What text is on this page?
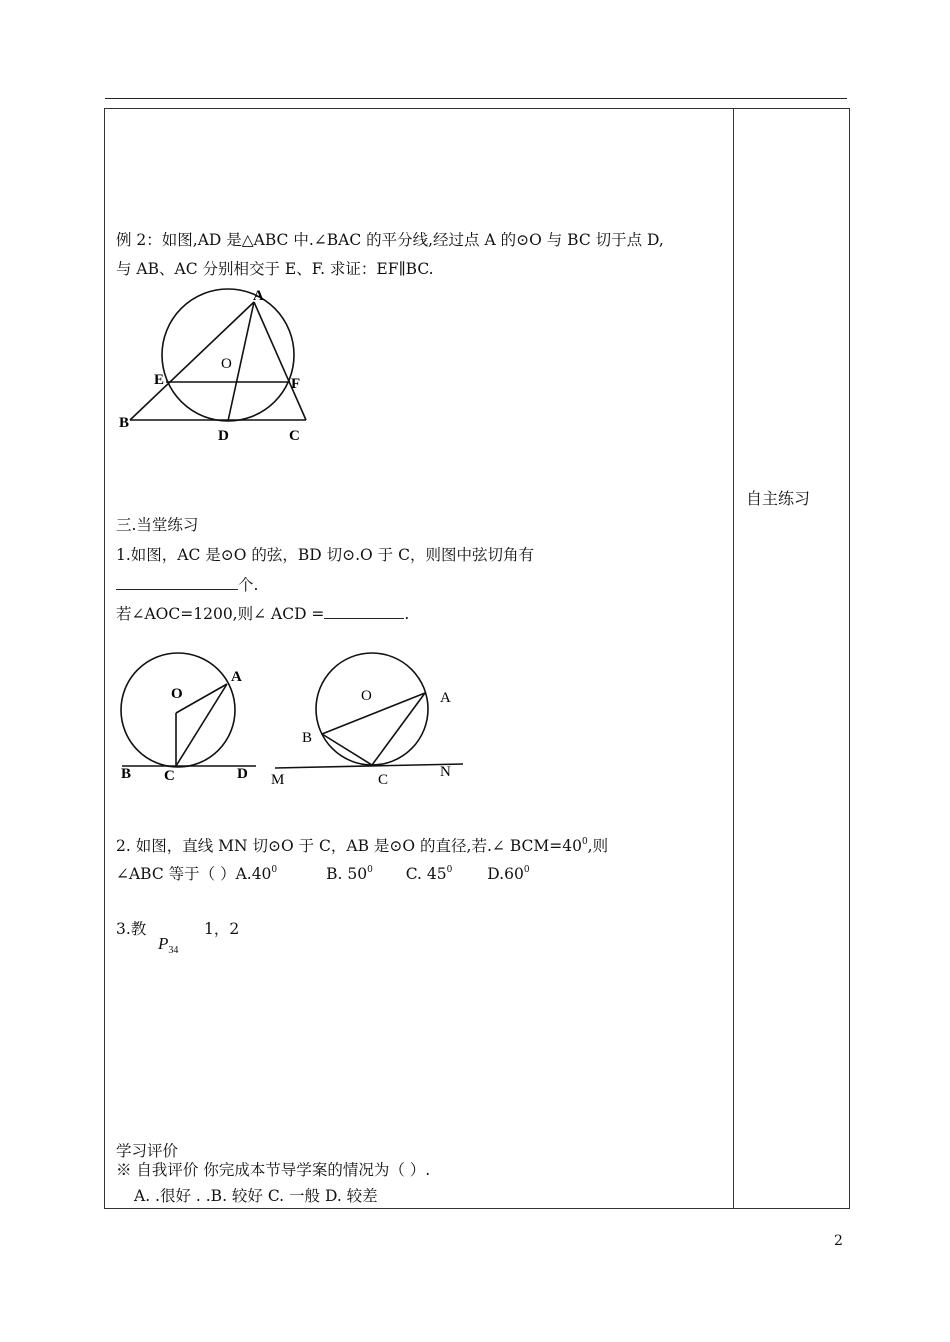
例 2：如图,AD 是△ABC 中.∠BAC 的平分线,经过点 A 的⊙O 与 BC 切于点 D,
与 AB、AC 分别相交于 E、F. 求证：EF∥BC.
A
O
E	F
B
D	C
O
A
B C	D
O	A
B
C
M	N
三.当堂练习
1.如图，AC 是⊙O 的弦，BD 切⊙.O 于 C，则图中弦切角有
个.
若∠AOC=1200,则∠ ACD =	.
2. 如图，直线 MN 切⊙O 于 C，AB 是⊙O 的直径,若.∠ $BCM=40^0$,则
∠ABC 等于（ ）$A.40^0$	B. $50^0$ C. $45^0$ $D.60^0$
3.教
$P_{34}$
1，2
学习评价
※ 自我评价 你完成本节导学案的情况为（ ）.
A. .很好 . .B. 较好 C. 一般 D. 较差
自主练习
2
